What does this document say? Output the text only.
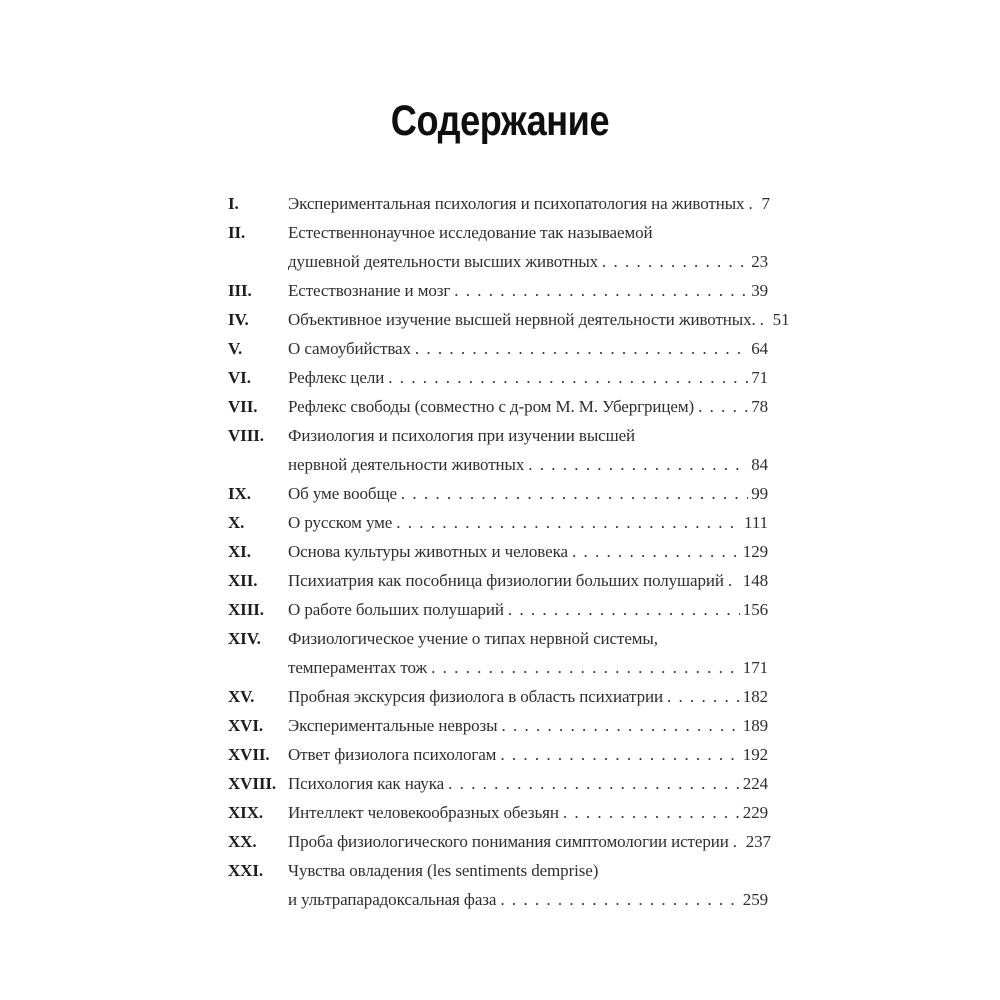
Содержание
I.	Экспериментальная психология и психопатология на животных . . . 7
II.	Естественнонаучное исследование так называемой
душевной деятельности высших животных . . .	23
III.	Естествознание и мозг . . .	39
IV.	Объективное изучение высшей нервной деятельности животных. . . . 51
V.	О самоубийствах . . .	64
VI.	Рефлекс цели . . .	71
VII.	Рефлекс свободы (совместно с д-ром М. М. Убергрицем) . . .	78
VIII.	Физиология и психология при изучении высшей
нервной деятельности животных . . .	84
IX.	Об уме вообще . . .	99
X.	О русском уме . . .	111
XI.	Основа культуры животных и человека . . .	129
XII.	Психиатрия как пособница физиологии больших полушарий . . . 148
XIII.	О работе больших полушарий . . .	156
XIV.	Физиологическое учение о типах нервной системы,
темпераментах тож . . .	171
XV.	Пробная экскурсия физиолога в область психиатрии . . .	182
XVI.	Экспериментальные неврозы . . .	189
XVII.	Ответ физиолога психологам . . .	192
XVIII. Психология как наука . . .	224
XIX.	Интеллект человекообразных обезьян . . .	229
XX.	Проба физиологического понимания симптомологии истерии . . . 237
XXI.	Чувства овладения (les sentiments demprise)
и ультрапарадоксальная фаза . . .	259
